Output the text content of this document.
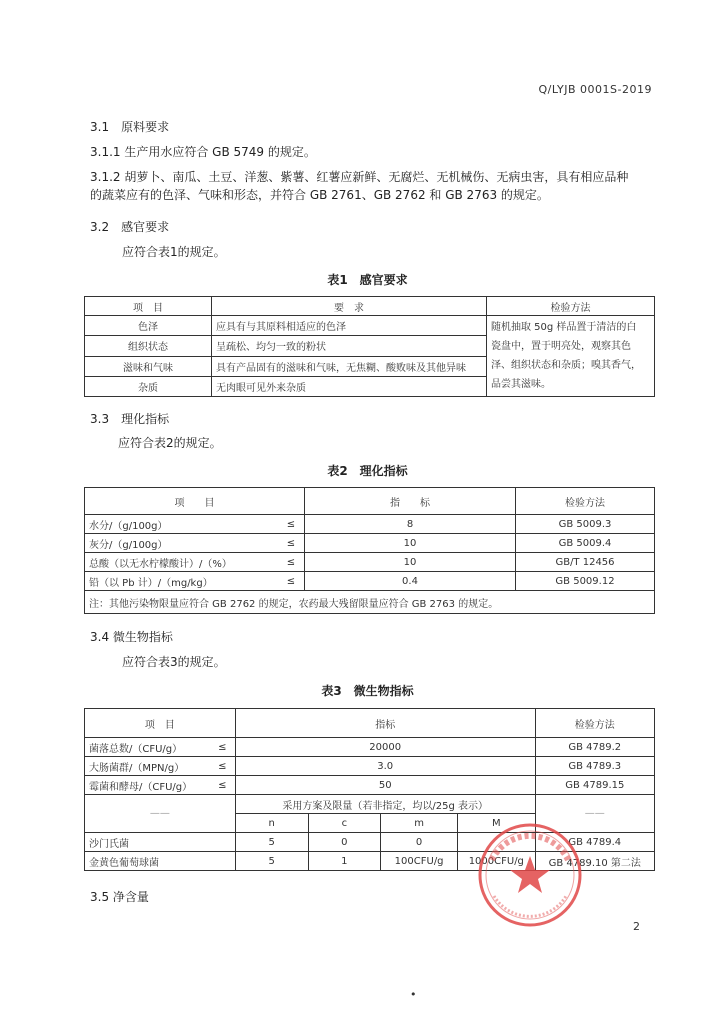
Q/LYJB 0001S-2019
3.1　原料要求
3.1.1 生产用水应符合 GB 5749 的规定。
3.1.2 胡萝卜、南瓜、土豆、洋葱、紫薯、红薯应新鲜、无腐烂、无机械伤、无病虫害，具有相应品种
的蔬菜应有的色泽、气味和形态，并符合 GB 2761、GB 2762 和 GB 2763 的规定。
3.2　感官要求
应符合表1的规定。
表1　感官要求
项　目	要　求	检验方法
色泽	应具有与其原料相适应的色泽	随机抽取 50g 样品置于清洁的白
瓷盘中，置于明亮处，观察其色
泽、组织状态和杂质；嗅其香气，
品尝其滋味。

组织状态	呈疏松、均匀一致的粉状	
滋味和气味	具有产品固有的滋味和气味，无焦糊、酸败味及其他异味	
杂质	无肉眼可见外来杂质	
3.3　理化指标
应符合表2的规定。
表2　理化指标
项　　目		指　　标	检验方法
水分/（g/100g）	≤	8	GB 5009.3
灰分/（g/100g）	≤	10	GB 5009.4
总酸（以无水柠檬酸计）/（%）	≤	10	GB/T 12456
铅（以 Pb 计）/（mg/kg）	≤	0.4	GB 5009.12
注：其他污染物限量应符合 GB 2762 的规定，农药最大残留限量应符合 GB 2763 的规定。			
3.4 微生物指标
应符合表3的规定。
表3　微生物指标
项　目		指标				检验方法
菌落总数/（CFU/g）	≤	20000				GB 4789.2
大肠菌群/（MPN/g）	≤	3.0				GB 4789.3
霉菌和酵母/（CFU/g）	≤	50				GB 4789.15
——		采用方案及限量（若非指定，均以/25g 表示）				——
		n	c	m	M	
沙门氏菌		5	0	0		GB 4789.4
金黄色葡萄球菌		5	1	100CFU/g	1000CFU/g	GB 4789.10 第二法
3.5 净含量
2
•
